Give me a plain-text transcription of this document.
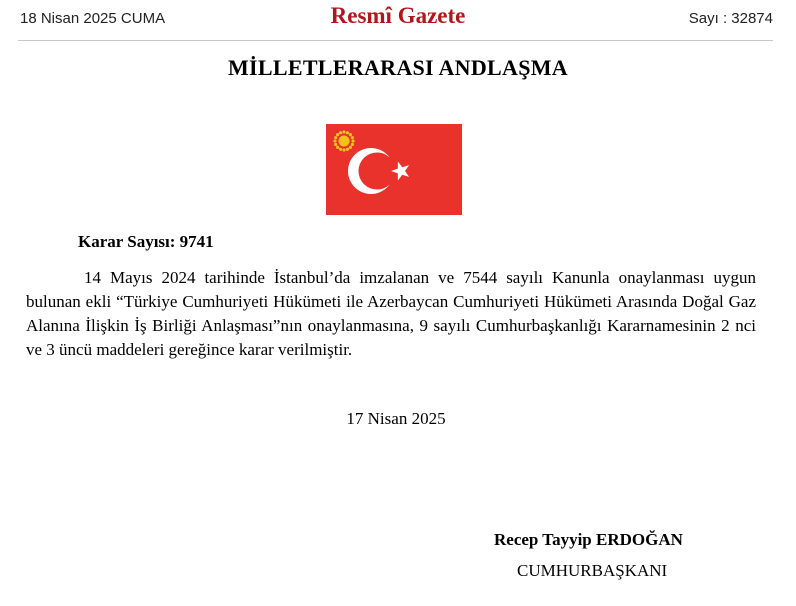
18 Nisan 2025 CUMA	Resmî Gazete	Sayı : 32874
MİLLETLERARASI ANDLAŞMA
Karar Sayısı: 9741
14 Mayıs 2024 tarihinde İstanbul’da imzalanan ve 7544 sayılı Kanunla onaylanması uygun bulunan ekli “Türkiye Cumhuriyeti Hükümeti ile Azerbaycan Cumhuriyeti Hükümeti Arasında Doğal Gaz Alanına İlişkin İş Birliği Anlaşması”nın onaylanmasına, 9 sayılı Cumhurbaşkanlığı Kararnamesinin 2 nci ve 3 üncü maddeleri gereğince karar verilmiştir.
17 Nisan 2025
Recep Tayyip ERDOĞAN
CUMHURBAŞKANI
